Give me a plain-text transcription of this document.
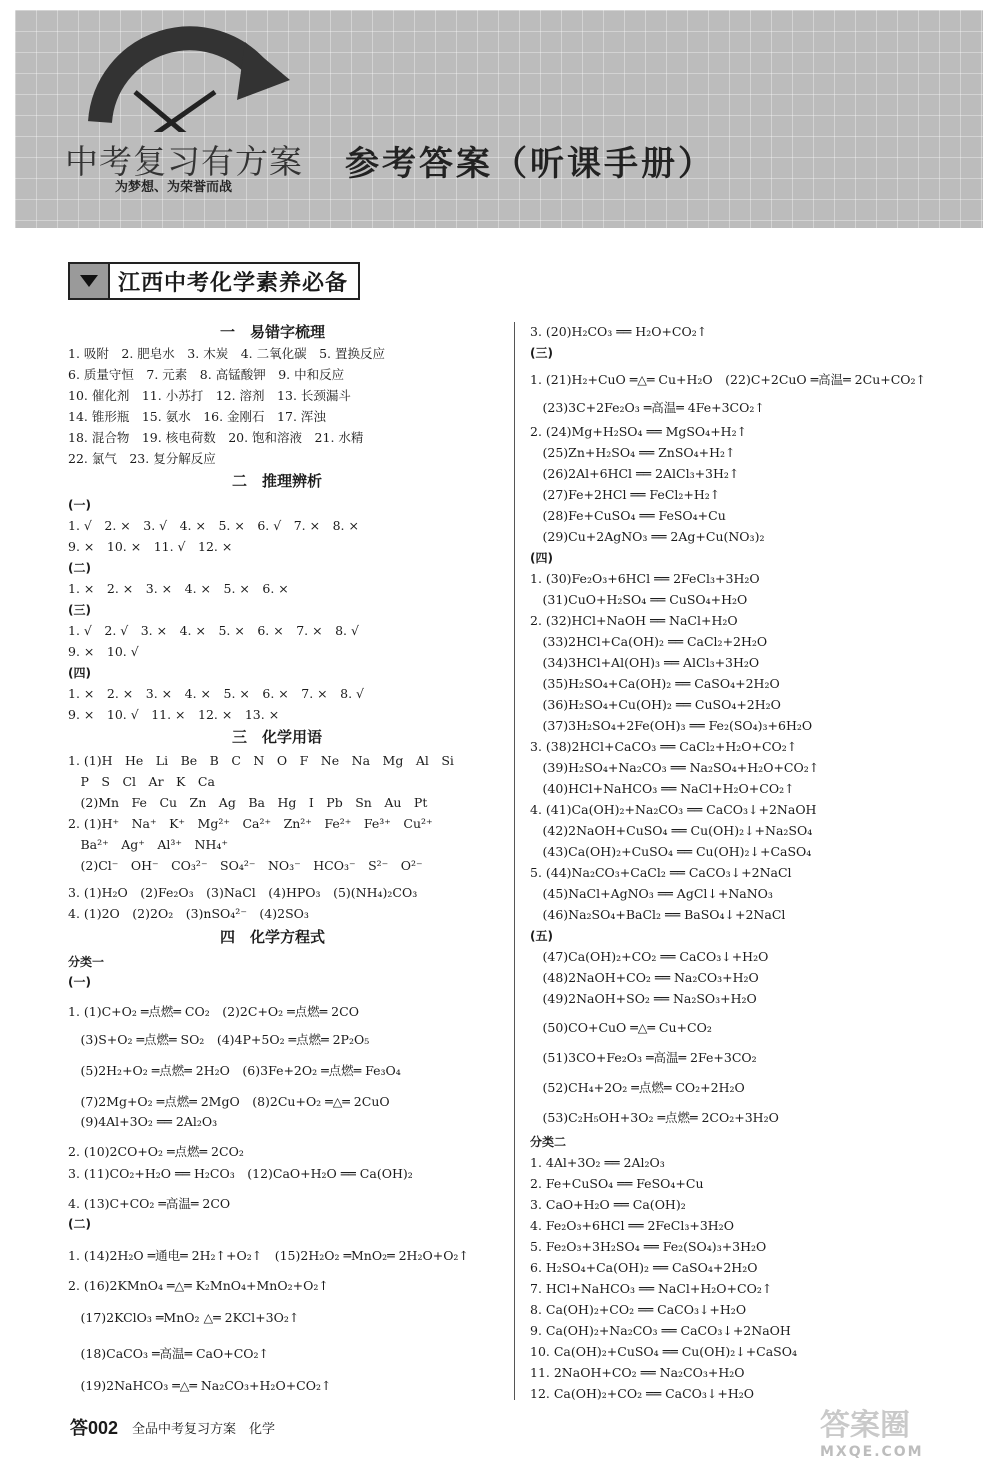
中考复习有方案
为梦想、为荣誉而战
参考答案（听课手册）
江西中考化学素养必备
一　易错字梳理
1. 吸附　2. 肥皂水　3. 木炭　4. 二氧化碳　5. 置换反应
6. 质量守恒　7. 元素　8. 高锰酸钾　9. 中和反应
10. 催化剂　11. 小苏打　12. 溶剂　13. 长颈漏斗
14. 锥形瓶　15. 氨水　16. 金刚石　17. 浑浊
18. 混合物　19. 核电荷数　20. 饱和溶液　21. 水精
22. 氯气　23. 复分解反应
二　推理辨析
(一)
1. √　2. ×　3. √　4. ×　5. ×　6. √　7. ×　8. ×
9. ×　10. ×　11. √　12. ×
(二)
1. ×　2. ×　3. ×　4. ×　5. ×　6. ×
(三)
1. √　2. √　3. ×　4. ×　5. ×　6. ×　7. ×　8. √
9. ×　10. √
(四)
1. ×　2. ×　3. ×　4. ×　5. ×　6. ×　7. ×　8. √
9. ×　10. √　11. ×　12. ×　13. ×
三　化学用语
1. (1)H　He　Li　Be　B　C　N　O　F　Ne　Na　Mg　Al　Si
　P　S　Cl　Ar　K　Ca
　(2)Mn　Fe　Cu　Zn　Ag　Ba　Hg　I　Pb　Sn　Au　Pt
2. (1)H⁺　Na⁺　K⁺　Mg²⁺　Ca²⁺　Zn²⁺　Fe²⁺　Fe³⁺　Cu²⁺
　Ba²⁺　Ag⁺　Al³⁺　NH₄⁺
　(2)Cl⁻　OH⁻　CO₃²⁻　SO₄²⁻　NO₃⁻　HCO₃⁻　S²⁻　O²⁻
3. (1)H₂O　(2)Fe₂O₃　(3)NaCl　(4)HPO₃　(5)(NH₄)₂CO₃
4. (1)2O　(2)2O₂　(3)nSO₄²⁻　(4)2SO₃
四　化学方程式
分类一
(一)
1. (1)C+O₂ ═点燃═ CO₂　(2)2C+O₂ ═点燃═ 2CO
　(3)S+O₂ ═点燃═ SO₂　(4)4P+5O₂ ═点燃═ 2P₂O₅
　(5)2H₂+O₂ ═点燃═ 2H₂O　(6)3Fe+2O₂ ═点燃═ Fe₃O₄
　(7)2Mg+O₂ ═点燃═ 2MgO　(8)2Cu+O₂ ═△═ 2CuO
　(9)4Al+3O₂ ══ 2Al₂O₃
2. (10)2CO+O₂ ═点燃═ 2CO₂
3. (11)CO₂+H₂O ══ H₂CO₃　(12)CaO+H₂O ══ Ca(OH)₂
4. (13)C+CO₂ ═高温═ 2CO
(二)
1. (14)2H₂O ═通电═ 2H₂↑+O₂↑　(15)2H₂O₂ ═MnO₂═ 2H₂O+O₂↑
2. (16)2KMnO₄ ═△═ K₂MnO₄+MnO₂+O₂↑
　(17)2KClO₃ ═MnO₂ △═ 2KCl+3O₂↑
　(18)CaCO₃ ═高温═ CaO+CO₂↑
　(19)2NaHCO₃ ═△═ Na₂CO₃+H₂O+CO₂↑
3. (20)H₂CO₃ ══ H₂O+CO₂↑
(三)
1. (21)H₂+CuO ═△═ Cu+H₂O　(22)C+2CuO ═高温═ 2Cu+CO₂↑
　(23)3C+2Fe₂O₃ ═高温═ 4Fe+3CO₂↑
2. (24)Mg+H₂SO₄ ══ MgSO₄+H₂↑
　(25)Zn+H₂SO₄ ══ ZnSO₄+H₂↑
　(26)2Al+6HCl ══ 2AlCl₃+3H₂↑
　(27)Fe+2HCl ══ FeCl₂+H₂↑
　(28)Fe+CuSO₄ ══ FeSO₄+Cu
　(29)Cu+2AgNO₃ ══ 2Ag+Cu(NO₃)₂
(四)
1. (30)Fe₂O₃+6HCl ══ 2FeCl₃+3H₂O
　(31)CuO+H₂SO₄ ══ CuSO₄+H₂O
2. (32)HCl+NaOH ══ NaCl+H₂O
　(33)2HCl+Ca(OH)₂ ══ CaCl₂+2H₂O
　(34)3HCl+Al(OH)₃ ══ AlCl₃+3H₂O
　(35)H₂SO₄+Ca(OH)₂ ══ CaSO₄+2H₂O
　(36)H₂SO₄+Cu(OH)₂ ══ CuSO₄+2H₂O
　(37)3H₂SO₄+2Fe(OH)₃ ══ Fe₂(SO₄)₃+6H₂O
3. (38)2HCl+CaCO₃ ══ CaCl₂+H₂O+CO₂↑
　(39)H₂SO₄+Na₂CO₃ ══ Na₂SO₄+H₂O+CO₂↑
　(40)HCl+NaHCO₃ ══ NaCl+H₂O+CO₂↑
4. (41)Ca(OH)₂+Na₂CO₃ ══ CaCO₃↓+2NaOH
　(42)2NaOH+CuSO₄ ══ Cu(OH)₂↓+Na₂SO₄
　(43)Ca(OH)₂+CuSO₄ ══ Cu(OH)₂↓+CaSO₄
5. (44)Na₂CO₃+CaCl₂ ══ CaCO₃↓+2NaCl
　(45)NaCl+AgNO₃ ══ AgCl↓+NaNO₃
　(46)Na₂SO₄+BaCl₂ ══ BaSO₄↓+2NaCl
(五)
　(47)Ca(OH)₂+CO₂ ══ CaCO₃↓+H₂O
　(48)2NaOH+CO₂ ══ Na₂CO₃+H₂O
　(49)2NaOH+SO₂ ══ Na₂SO₃+H₂O
　(50)CO+CuO ═△═ Cu+CO₂
　(51)3CO+Fe₂O₃ ═高温═ 2Fe+3CO₂
　(52)CH₄+2O₂ ═点燃═ CO₂+2H₂O
　(53)C₂H₅OH+3O₂ ═点燃═ 2CO₂+3H₂O
分类二
1. 4Al+3O₂ ══ 2Al₂O₃
2. Fe+CuSO₄ ══ FeSO₄+Cu
3. CaO+H₂O ══ Ca(OH)₂
4. Fe₂O₃+6HCl ══ 2FeCl₃+3H₂O
5. Fe₂O₃+3H₂SO₄ ══ Fe₂(SO₄)₃+3H₂O
6. H₂SO₄+Ca(OH)₂ ══ CaSO₄+2H₂O
7. HCl+NaHCO₃ ══ NaCl+H₂O+CO₂↑
8. Ca(OH)₂+CO₂ ══ CaCO₃↓+H₂O
9. Ca(OH)₂+Na₂CO₃ ══ CaCO₃↓+2NaOH
10. Ca(OH)₂+CuSO₄ ══ Cu(OH)₂↓+CaSO₄
11. 2NaOH+CO₂ ══ Na₂CO₃+H₂O
12. Ca(OH)₂+CO₂ ══ CaCO₃↓+H₂O
答002 全品中考复习方案　化学	答案圈
MXQE.COM
